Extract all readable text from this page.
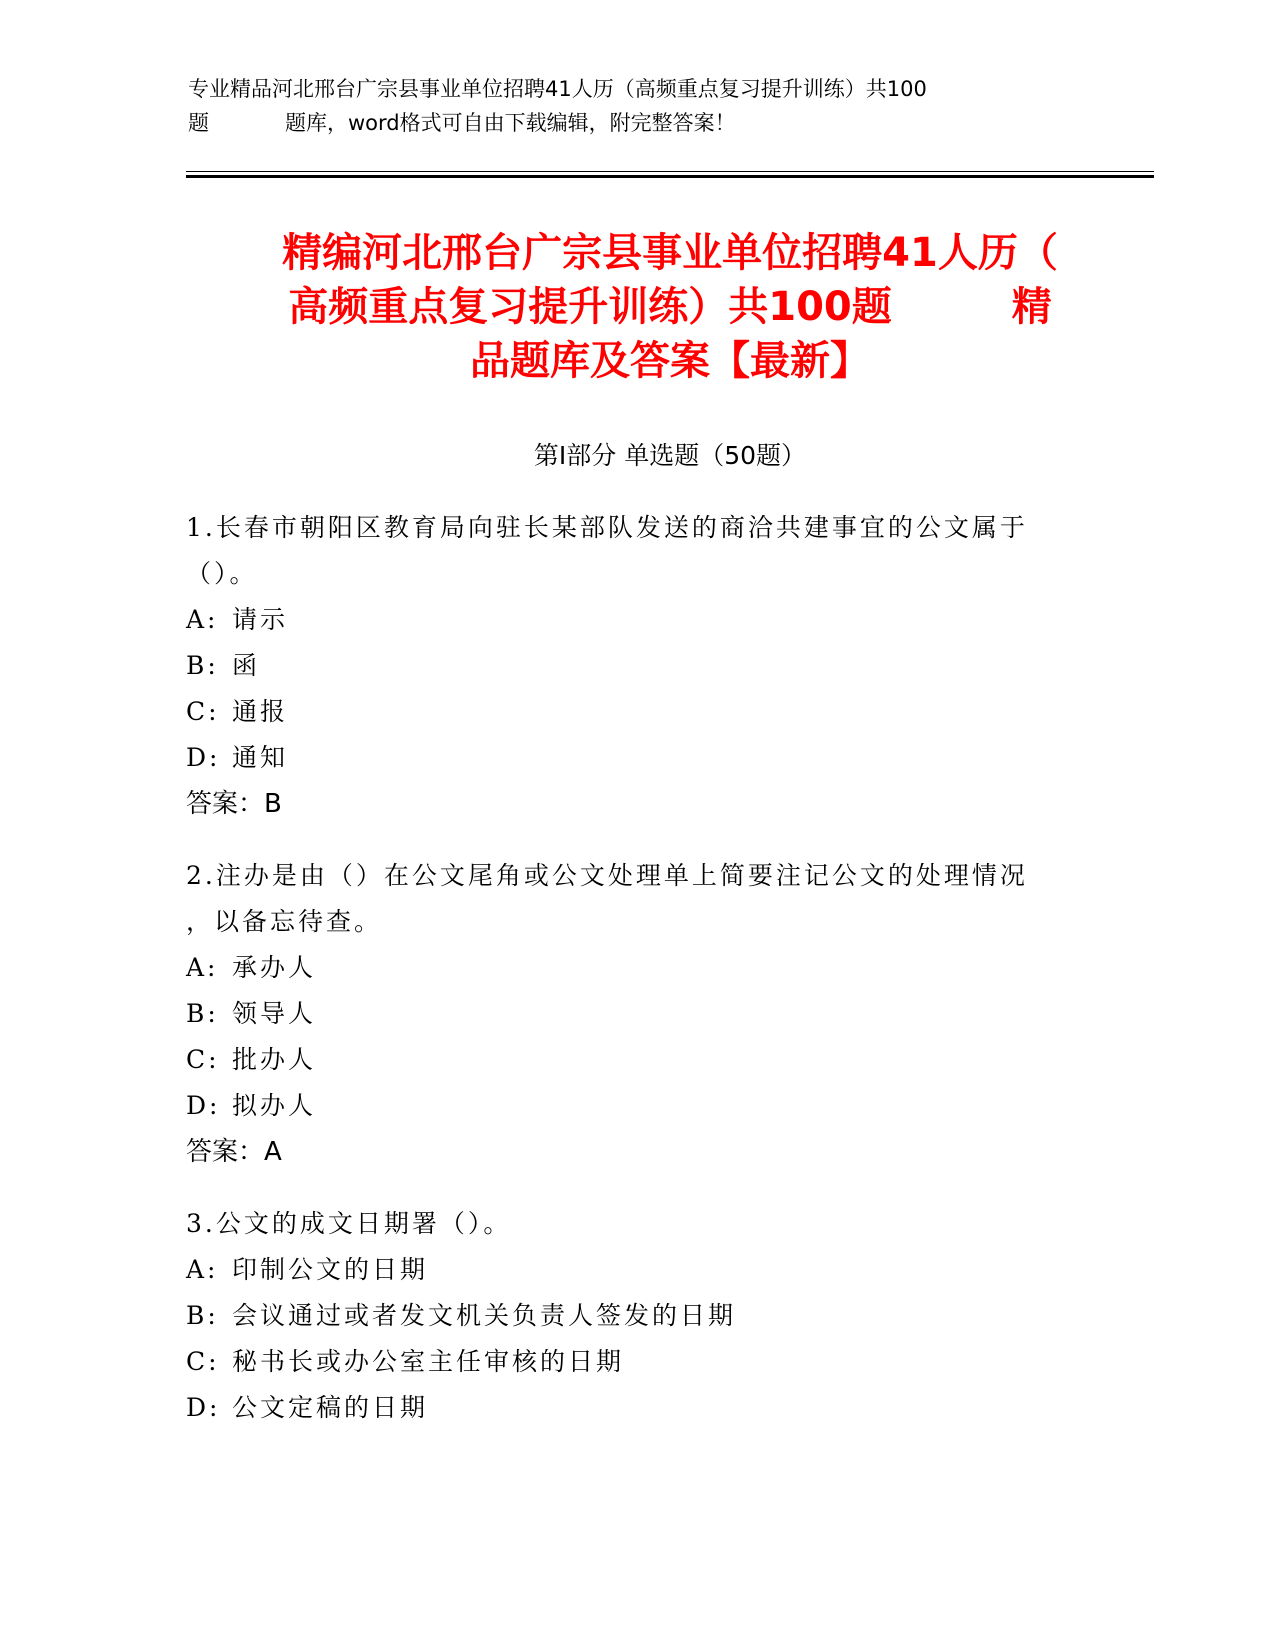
专业精品河北邢台广宗县事业单位招聘41人历（高频重点复习提升训练）共100
题	题库，word格式可自由下载编辑，附完整答案！
精编河北邢台广宗县事业单位招聘41人历（
高频重点复习提升训练）共100题	精
品题库及答案【最新】
第Ⅰ部分 单选题（50题）

1.长春市朝阳区教育局向驻长某部队发送的商洽共建事宜的公文属于

（）。

A: 请示

B: 函

C: 通报

D: 通知

答案：B

2.注办是由（）在公文尾角或公文处理单上简要注记公文的处理情况

，以备忘待查。

A: 承办人

B: 领导人

C: 批办人

D: 拟办人

答案：A

3.公文的成文日期署（）。

A: 印制公文的日期

B: 会议通过或者发文机关负责人签发的日期

C: 秘书长或办公室主任审核的日期

D: 公文定稿的日期
